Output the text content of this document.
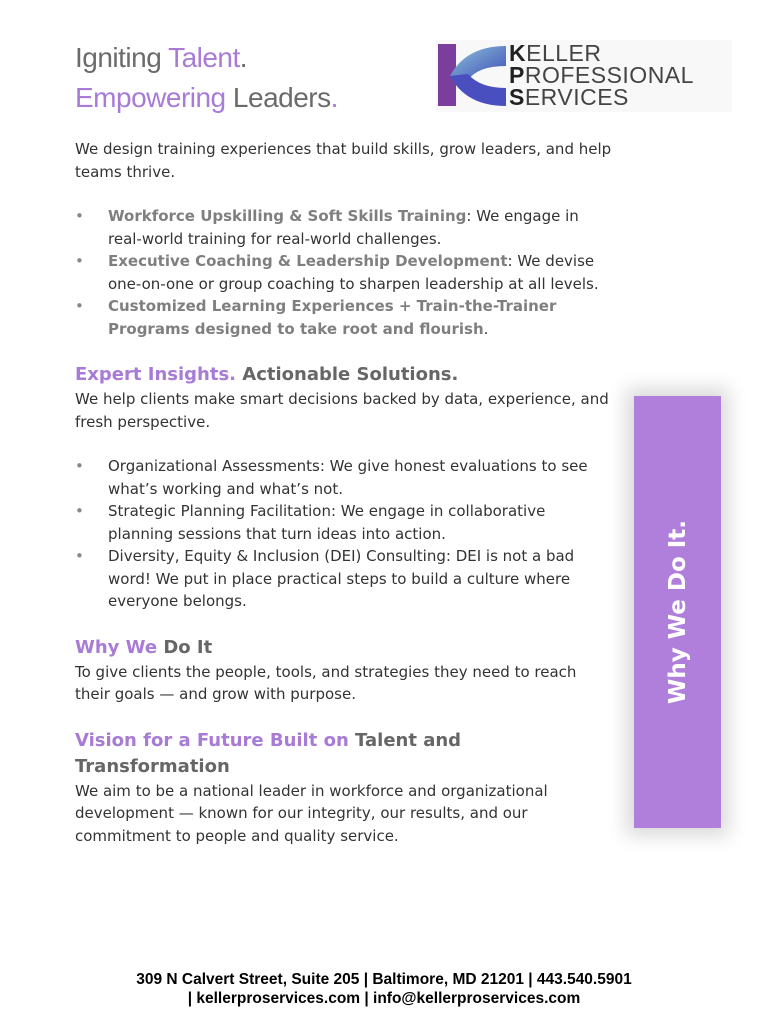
Igniting Talent.
Empowering Leaders.
KELLER
PROFESSIONAL
SERVICES

We design training experiences that build skills, grow leaders, and help teams thrive.

• Workforce Upskilling & Soft Skills Training: We engage in real-world training for real-world challenges.
• Executive Coaching & Leadership Development: We devise one-on-one or group coaching to sharpen leadership at all levels.
• Customized Learning Experiences + Train-the-Trainer Programs designed to take root and flourish.
Expert Insights. Actionable Solutions.

We help clients make smart decisions backed by data, experience, and fresh perspective.

• Organizational Assessments: We give honest evaluations to see what’s working and what’s not.
• Strategic Planning Facilitation: We engage in collaborative planning sessions that turn ideas into action.
• Diversity, Equity & Inclusion (DEI) Consulting: DEI is not a bad word! We put in place practical steps to build a culture where everyone belongs.
Why We Do It

To give clients the people, tools, and strategies they need to reach their goals — and grow with purpose.

Vision for a Future Built on Talent and Transformation

We aim to be a national leader in workforce and organizational development — known for our integrity, our results, and our commitment to people and quality service.

Why We Do It.
309 N Calvert Street, Suite 205 | Baltimore, MD 21201 | 443.540.5901
| kellerproservices.com | info@kellerproservices.com
